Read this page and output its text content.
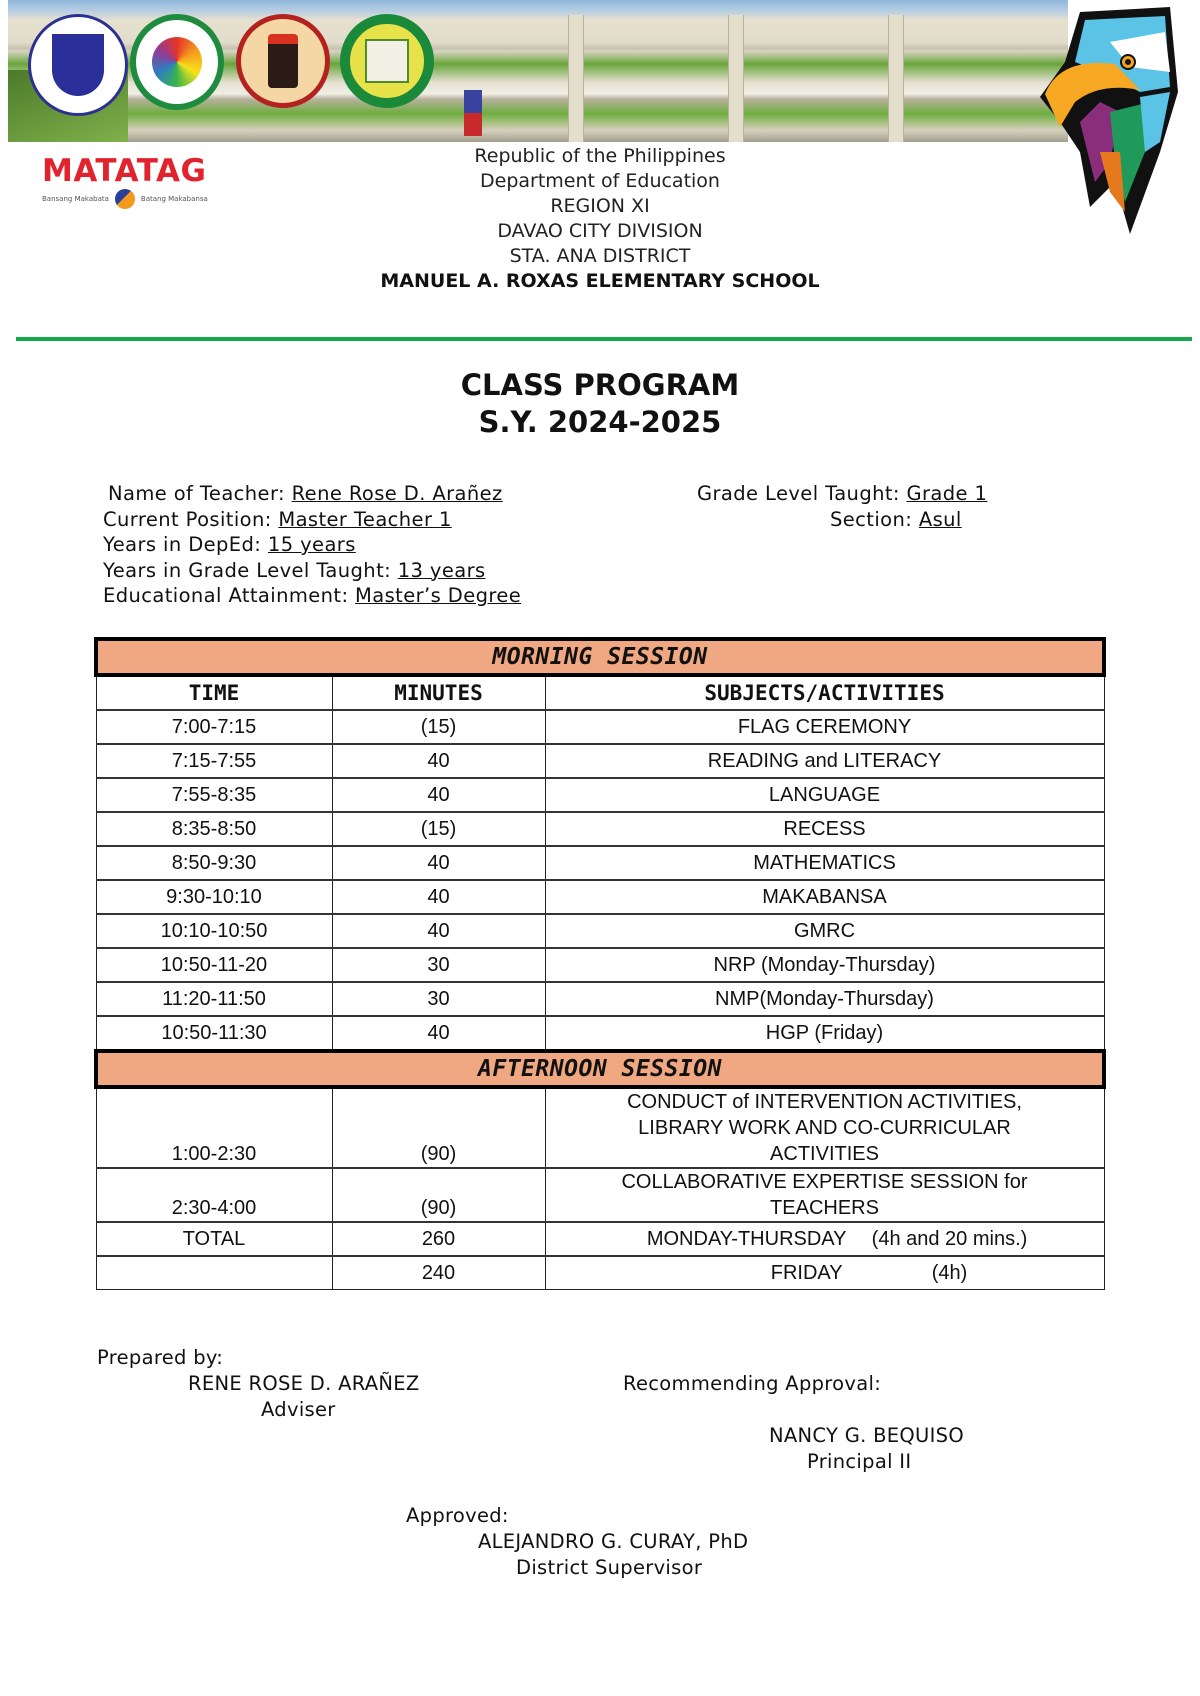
MATATAG
Bansang Makabata	Batang Makabansa
Republic of the Philippines
Department of Education
REGION XI
DAVAO CITY DIVISION
STA. ANA DISTRICT
MANUEL A. ROXAS ELEMENTARY SCHOOL
CLASS PROGRAM
S.Y. 2024-2025
Name of Teacher: Rene Rose D. Arañez
Current Position: Master Teacher 1
Years in DepEd: 15 years
Years in Grade Level Taught: 13 years
Educational Attainment: Master’s Degree
Grade Level Taught: Grade 1
Section: Asul
MORNING SESSION		
TIME	MINUTES	SUBJECTS/ACTIVITIES
7:00-7:15	(15)	FLAG CEREMONY
7:15-7:55	40	READING and LITERACY
7:55-8:35	40	LANGUAGE
8:35-8:50	(15)	RECESS
8:50-9:30	40	MATHEMATICS
9:30-10:10	40	MAKABANSA
10:10-10:50	40	GMRC
10:50-11-20	30	NRP (Monday-Thursday)
11:20-11:50	30	NMP(Monday-Thursday)
10:50-11:30	40	HGP (Friday)
AFTERNOON SESSION		
1:00-2:30	(90)	CONDUCT of INTERVENTION ACTIVITIES,
LIBRARY WORK AND CO-CURRICULAR
ACTIVITIES

2:30-4:00	(90)	COLLABORATIVE EXPERTISE SESSION for
TEACHERS

TOTAL	260	MONDAY-THURSDAY (4h and 20 mins.)
	240	FRIDAY (4h)
Prepared by:
RENE ROSE D. ARAÑEZ
Adviser
Recommending Approval:
NANCY G. BEQUISO
Principal II
Approved:
ALEJANDRO G. CURAY, PhD
District Supervisor
